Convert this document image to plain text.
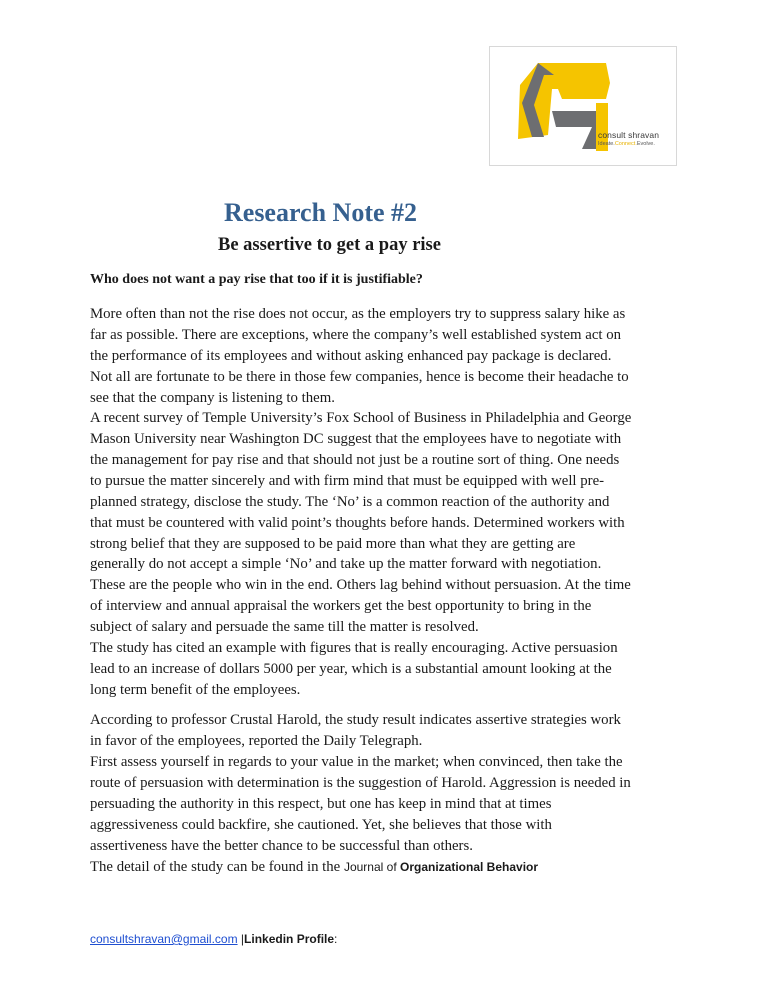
consult shravan
Ideate.Connect.Evolve.
Research Note #2
Be assertive to get a pay rise

Who does not want a pay rise that too if it is justifiable?

More often than not the rise does not occur, as the employers try to suppress salary hike as

far as possible. There are exceptions, where the company’s well established system act on

the performance of its employees and without asking enhanced pay package is declared.

Not all are fortunate to be there in those few companies, hence is become their headache to

see that the company is listening to them.

A recent survey of Temple University’s Fox School of Business in Philadelphia and George

Mason University near Washington DC suggest that the employees have to negotiate with

the management for pay rise and that should not just be a routine sort of thing. One needs

to pursue the matter sincerely and with firm mind that must be equipped with well pre-

planned strategy, disclose the study. The ‘No’ is a common reaction of the authority and

that must be countered with valid point’s thoughts before hands. Determined workers with

strong belief that they are supposed to be paid more than what they are getting are

generally do not accept a simple ‘No’ and take up the matter forward with negotiation.

These are the people who win in the end. Others lag behind without persuasion. At the time

of interview and annual appraisal the workers get the best opportunity to bring in the

subject of salary and persuade the same till the matter is resolved.

The study has cited an example with figures that is really encouraging. Active persuasion

lead to an increase of dollars 5000 per year, which is a substantial amount looking at the

long term benefit of the employees.

According to professor Crustal Harold, the study result indicates assertive strategies work

in favor of the employees, reported the Daily Telegraph.

First assess yourself in regards to your value in the market; when convinced, then take the

route of persuasion with determination is the suggestion of Harold. Aggression is needed in

persuading the authority in this respect, but one has keep in mind that at times

aggressiveness could backfire, she cautioned. Yet, she believes that those with

assertiveness have the better chance to be successful than others.

The detail of the study can be found in the Journal of Organizational Behavior

consultshravan@gmail.com |Linkedin Profile:
